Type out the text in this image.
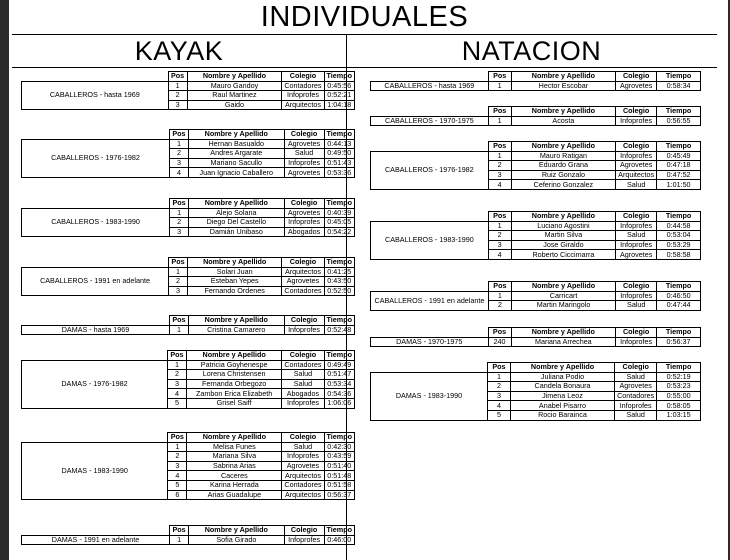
INDIVIDUALES
KAYAK	NATACION
	Pos	Nombre y Apellido	Colegio	Tiempo
CABALLEROS - hasta 1969	1	Mauro Gandoy	Contadores	0:45:56
	2	Raul Martinez	Infoprofes	0:52:21
	3	Gaido	Arquitectos	1:04:18
	Pos	Nombre y Apellido	Colegio	Tiempo
CABALLEROS - 1976-1982	1	Hernan Basualdo	Agrovetes	0:44:13
	2	Andres Argarate	Salud	0:49:50
	3	Mariano Sacullo	Infoprofes	0:51:43
	4	Juan Ignacio Caballero	Agrovetes	0:53:36
	Pos	Nombre y Apellido	Colegio	Tiempo
CABALLEROS - 1983-1990	1	Alejo Solana	Agrovetes	0:40:39
	2	Diego Del Castello	Infoprofes	0:45:05
	3	Damián Unibaso	Abogados	0:54:22
	Pos	Nombre y Apellido	Colegio	Tiempo
CABALLEROS - 1991 en adelante	1	Solari Juan	Arquitectos	0:41:25
	2	Esteban Yepes	Agrovetes	0:43:50
	3	Fernando Ordenes	Contadores	0:52:50
	Pos	Nombre y Apellido	Colegio	Tiempo
DAMAS - hasta 1969	1	Cristina Camarero	Infoprofes	0:52:48
	Pos	Nombre y Apellido	Colegio	Tiempo
DAMAS - 1976-1982	1	Patricia Goyhenespe	Contadores	0:49:49
	2	Lorena Christensen	Salud	0:51:47
	3	Fernanda Orbegozo	Salud	0:53:34
	4	Zambon Erica Elizabeth	Abogados	0:54:36
	5	Grisel Saiff	Infoprofes	1:06:06
	Pos	Nombre y Apellido	Colegio	Tiempo
DAMAS - 1983-1990	1	Melisa Funes	Salud	0:42:30
	2	Mariana Silva	Infoprofes	0:43:59
	3	Sabrina Arias	Agrovetes	0:51:40
	4	Caceres	Arquitectos	0:51:48
	5	Karina Herrada	Contadores	0:51:58
	6	Arias Guadalupe	Arquitectos	0:56:37
	Pos	Nombre y Apellido	Colegio	Tiempo
DAMAS - 1991 en adelante	1	Sofia Girado	Infoprofes	0:46:00
	Pos	Nombre y Apellido	Colegio	Tiempo
CABALLEROS - hasta 1969	1	Hector Escobar	Agrovetes	0:58:34
	Pos	Nombre y Apellido	Colegio	Tiempo
CABALLEROS - 1970-1975	1	Acosta	Infoprofes	0:56:55
	Pos	Nombre y Apellido	Colegio	Tiempo
CABALLEROS - 1976-1982	1	Mauro Ratigan	Infoprofes	0:45:49
	2	Eduardo Grana	Agrovetes	0:47:18
	3	Ruiz Gonzalo	Arquitectos	0:47:52
	4	Ceferino Gonzalez	Salud	1:01:50
	Pos	Nombre y Apellido	Colegio	Tiempo
CABALLEROS - 1983-1990	1	Luciano Agostini	Infoprofes	0:44:58
	2	Martin Silva	Salud	0:53:04
	3	Jose Giraldo	Infoprofes	0:53:29
	4	Roberto Ciccimarra	Agrovetes	0:58:58
	Pos	Nombre y Apellido	Colegio	Tiempo
CABALLEROS - 1991 en adelante	1	Carricart	Infoprofes	0:46:50
	2	Martin Maringolo	Salud	0:47:44
	Pos	Nombre y Apellido	Colegio	Tiempo
DAMAS - 1970-1975	240	Mariana Arrechea	Infoprofes	0:56:37
	Pos	Nombre y Apellido	Colegio	Tiempo
DAMAS - 1983-1990	1	Juliana Podio	Salud	0:52:19
	2	Candela Bonaura	Agrovetes	0:53:23
	3	Jimena Leoz	Contadores	0:55:00
	4	Anabel Pisarro	Infoprofes	0:58:05
	5	Rocio Barainca	Salud	1:03:15
